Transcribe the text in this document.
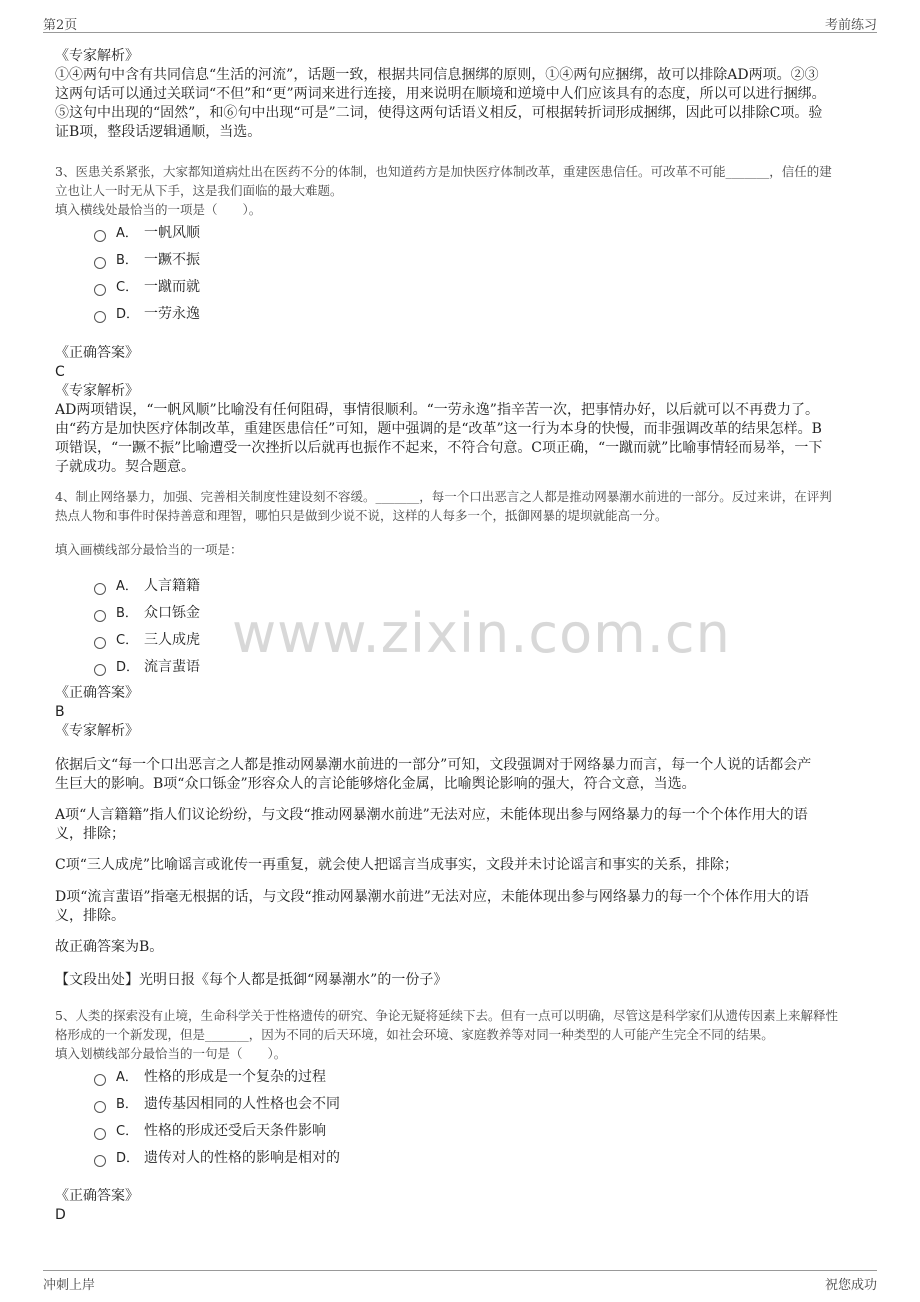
第2页	考前练习
www.zixin.com.cn
《专家解析》

①④两句中含有共同信息“生活的河流”，话题一致，根据共同信息捆绑的原则，①④两句应捆绑，故可以排除AD两项。②③

这两句话可以通过关联词“不但”和“更”两词来进行连接，用来说明在顺境和逆境中人们应该具有的态度，所以可以进行捆绑。

⑤这句中出现的“固然”，和⑥句中出现“可是”二词，使得这两句话语义相反，可根据转折词形成捆绑，因此可以排除C项。验

证B项，整段话逻辑通顺，当选。

3、医患关系紧张，大家都知道病灶出在医药不分的体制，也知道药方是加快医疗体制改革，重建医患信任。可改革不可能_______，信任的建

立也让人一时无从下手，这是我们面临的最大难题。

填入横线处最恰当的一项是（　　）。
A． 一帆风顺
B． 一蹶不振
C． 一蹴而就
D． 一劳永逸
《正确答案》
C
《专家解析》

AD两项错误，“一帆风顺”比喻没有任何阻碍，事情很顺利。“一劳永逸”指辛苦一次，把事情办好，以后就可以不再费力了。

由“药方是加快医疗体制改革，重建医患信任”可知，题中强调的是“改革”这一行为本身的快慢，而非强调改革的结果怎样。B

项错误，“一蹶不振”比喻遭受一次挫折以后就再也振作不起来，不符合句意。C项正确，“一蹴而就”比喻事情轻而易举，一下

子就成功。契合题意。

4、制止网络暴力，加强、完善相关制度性建设刻不容缓。_______，每一个口出恶言之人都是推动网暴潮水前进的一部分。反过来讲，在评判

热点人物和事件时保持善意和理智，哪怕只是做到少说不说，这样的人每多一个，抵御网暴的堤坝就能高一分。

填入画横线部分最恰当的一项是：
A． 人言籍籍
B． 众口铄金
C． 三人成虎
D． 流言蜚语
《正确答案》
B
《专家解析》

依据后文“每一个口出恶言之人都是推动网暴潮水前进的一部分”可知，文段强调对于网络暴力而言，每一个人说的话都会产

生巨大的影响。B项“众口铄金”形容众人的言论能够熔化金属，比喻舆论影响的强大，符合文意，当选。

A项“人言籍籍”指人们议论纷纷，与文段“推动网暴潮水前进”无法对应，未能体现出参与网络暴力的每一个个体作用大的语

义，排除；

C项“三人成虎”比喻谣言或讹传一再重复，就会使人把谣言当成事实，文段并未讨论谣言和事实的关系，排除；

D项“流言蜚语”指毫无根据的话，与文段“推动网暴潮水前进”无法对应，未能体现出参与网络暴力的每一个个体作用大的语

义，排除。

故正确答案为B。
【文段出处】光明日报《每个人都是抵御“网暴潮水”的一份子》

5、人类的探索没有止境，生命科学关于性格遗传的研究、争论无疑将延续下去。但有一点可以明确，尽管这是科学家们从遗传因素上来解释性

格形成的一个新发现，但是_______，因为不同的后天环境，如社会环境、家庭教养等对同一种类型的人可能产生完全不同的结果。

填入划横线部分最恰当的一句是（　　）。
A． 性格的形成是一个复杂的过程
B． 遗传基因相同的人性格也会不同
C． 性格的形成还受后天条件影响
D． 遗传对人的性格的影响是相对的
《正确答案》
D
冲刺上岸	祝您成功
